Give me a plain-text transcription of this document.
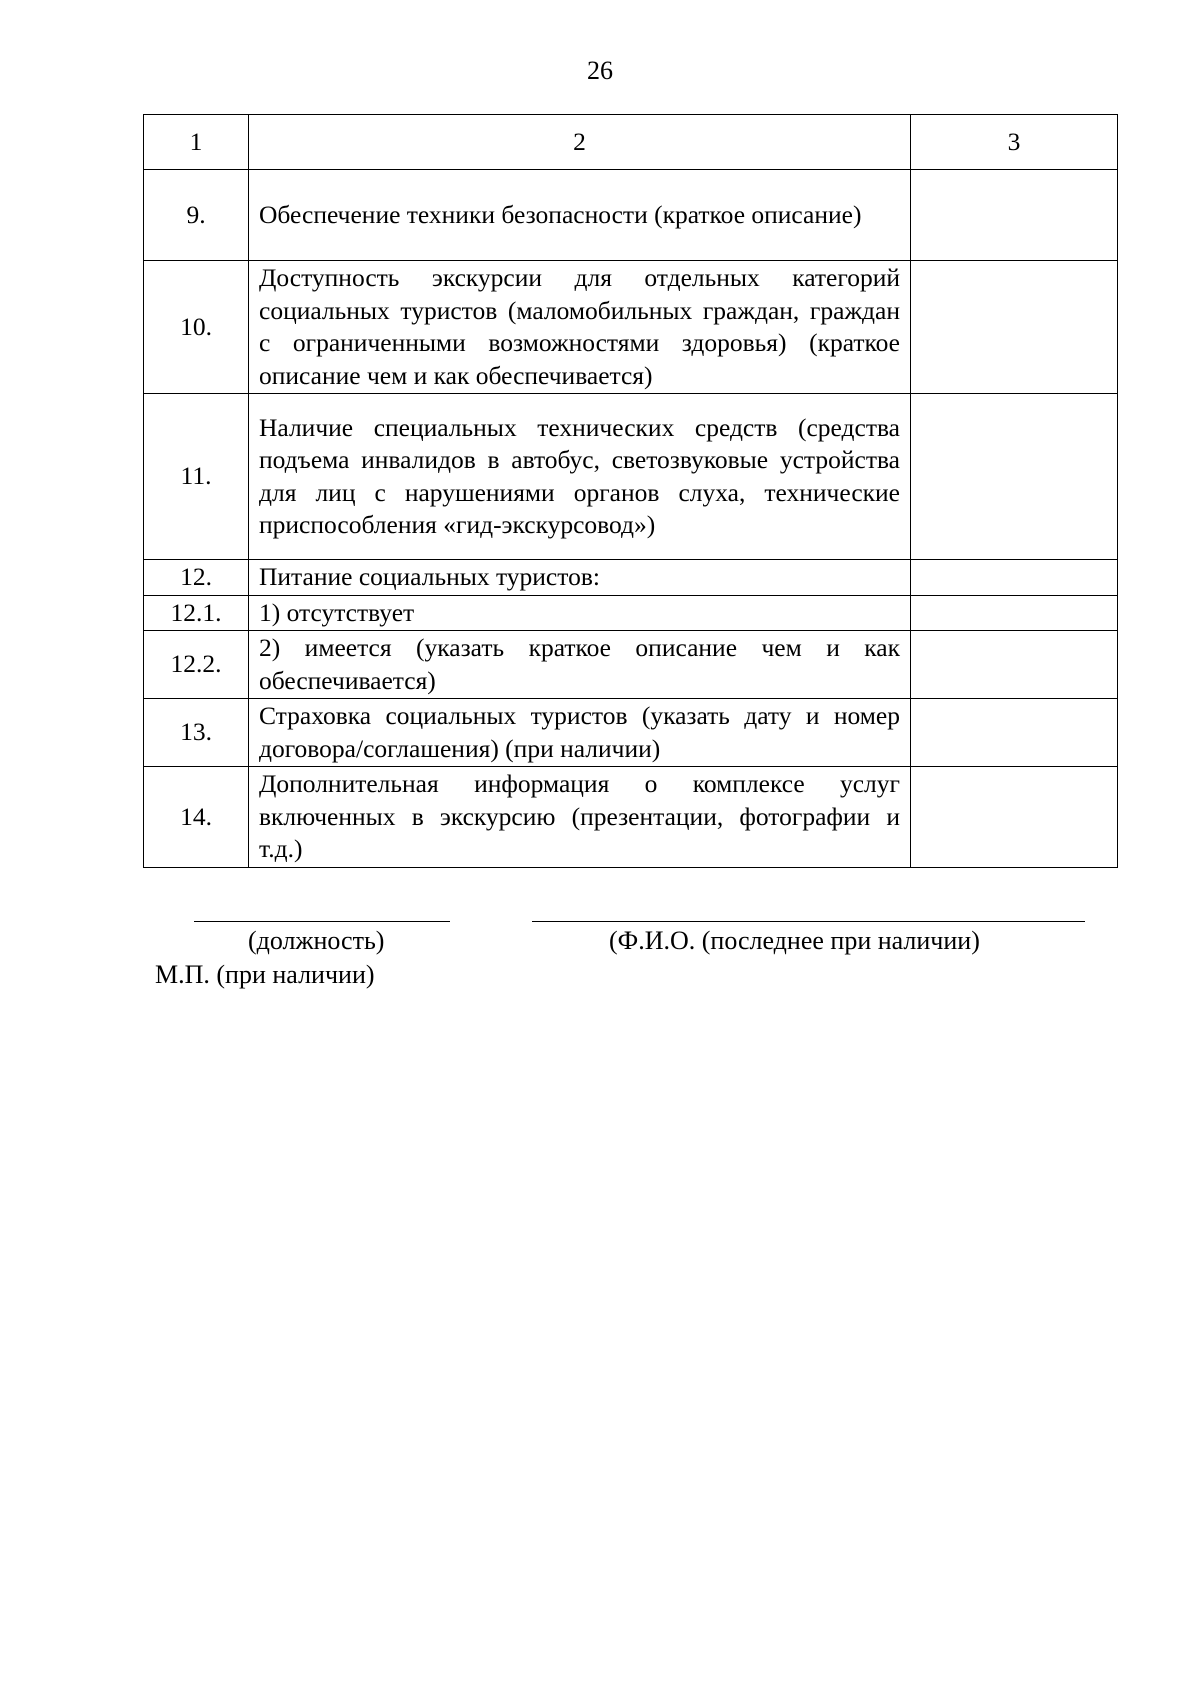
26
1	2	3
9.	Обеспечение техники безопасности (краткое описание)	
10.	Доступность экскурсии для отдельных категорий социальных туристов (маломобильных граждан, граждан с ограниченными возможностями здоровья) (краткое описание чем и как обеспечивается)	
11.	Наличие специальных технических средств (средства подъема инвалидов в автобус, светозвуковые устройства для лиц с нарушениями органов слуха, технические приспособления «гид-экскурсовод»)	
12.	Питание социальных туристов:	
12.1.	1) отсутствует	
12.2.	2) имеется (указать краткое описание чем и как обеспечивается)	
13.	Страховка социальных туристов (указать дату и номер договора/соглашения) (при наличии)	
14.	Дополнительная информация о комплексе услуг включенных в экскурсию (презентации, фотографии и т.д.)	
(должность)	(Ф.И.О. (последнее при наличии)
М.П. (при наличии)
